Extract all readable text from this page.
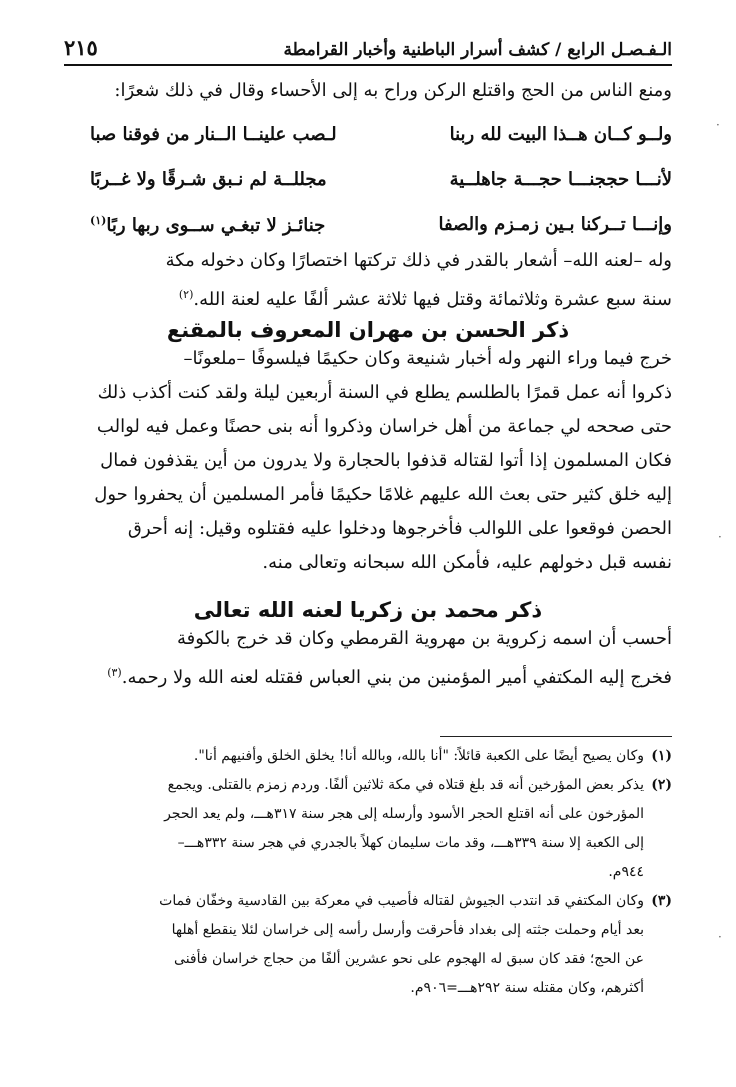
٢١٥	الـفـصـل الرابع / كشف أسرار الباطنية وأخبار القرامطة

ومنع الناس من الحج واقتلع الركن وراح به إلى الأحساء وقال في ذلك شعرًا:

ولــو كــان هــذا البيت لله ربنا
لـصب علينــا الــنار من فوقنا صبا
لأنـــا حججنـــا حجـــة جاهلــية
مجللــة لم نـبق شـرقًا ولا غــربًا
وإنـــا تــركنا بـين زمـزم والصفا
جنائـز لا تبغـي ســوى ربها ربًا$^{(١)}$

وله –لعنه الله– أشعار بالقدر في ذلك تركتها اختصارًا وكان دخوله مكة

سنة سبع عشرة وثلاثمائة وقتل فيها ثلاثة عشر ألفًا عليه لعنة الله.$^{(٢)}$

ذكر الحسن بن مهران المعروف بالمقنع

خرج فيما وراء النهر وله أخبار شنيعة وكان حكيمًا فيلسوفًا –ملعونًا–

ذكروا أنه عمل قمرًا بالطلسم يطلع في السنة أربعين ليلة ولقد كنت أكذب ذلك

حتى صححه لي جماعة من أهل خراسان وذكروا أنه بنى حصنًا وعمل فيه لوالب

فكان المسلمون إذا أتوا لقتاله قذفوا بالحجارة ولا يدرون من أين يقذفون فمال

إليه خلق كثير حتى بعث الله عليهم غلامًا حكيمًا فأمر المسلمين أن يحفروا حول

الحصن فوقعوا على اللوالب فأخرجوها ودخلوا عليه فقتلوه وقيل: إنه أحرق

نفسه قبل دخولهم عليه، فأمكن الله سبحانه وتعالى منه.

ذكر محمد بن زكريا لعنه الله تعالى

أحسب أن اسمه زكروية بن مهروية القرمطي وكان قد خرج بالكوفة

فخرج إليه المكتفي أمير المؤمنين من بني العباس فقتله لعنه الله ولا رحمه.$^{(٣)}$

(١)
وكان يصيح أيضًا على الكعبة قائلاً: "أنا بالله، وبالله أنا! يخلق الخلق وأفنيهم أنا".
(٢)
يذكر بعض المؤرخين أنه قد بلغ قتلاه في مكة ثلاثين ألفًا. وردم زمزم بالقتلى. ويجمع
المؤرخون على أنه اقتلع الحجر الأسود وأرسله إلى هجر سنة ٣١٧هـــ، ولم يعد الحجر
إلى الكعبة إلا سنة ٣٣٩هـــ، وقد مات سليمان كهلاً بالجدري في هجر سنة ٣٣٢هـــ–
٩٤٤م.
(٣)
وكان المكتفي قد انتدب الجيوش لقتاله فأصيب في معركة بين القادسية وخفّان فمات
بعد أيام وحملت جثته إلى بغداد فأحرقت وأرسل رأسه إلى خراسان لئلا ينقطع أهلها
عن الحج؛ فقد كان سبق له الهجوم على نحو عشرين ألفًا من حجاج خراسان فأفنى
أكثرهم، وكان مقتله سنة ٢٩٢هـــ=٩٠٦م.
·
·
·
